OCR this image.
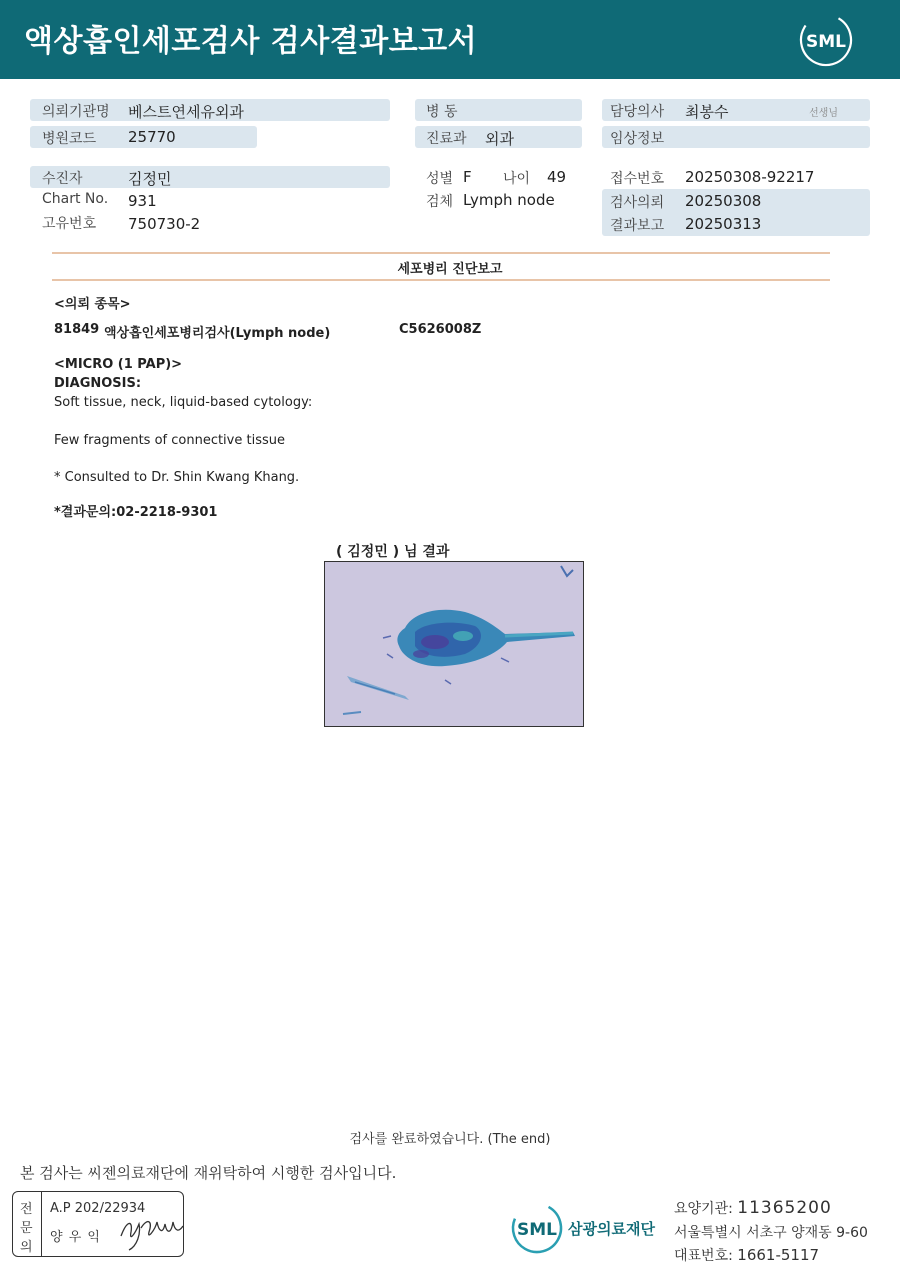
액상흡인세포검사 검사결과보고서	SML
의뢰기관명 베스트연세유외과
병원코드 25770
수진자	김정민
Chart No. 931
고유번호 750730-2
병 동
진료과 외과
성별 F 나이 49
검체 Lymph node
담당의사 최봉수	선생님
임상정보
접수번호 20250308-92217
검사의뢰 20250308
결과보고 20250313
세포병리 진단보고
<의뢰 종목>
81849 액상흡인세포병리검사(Lymph node)	C5626008Z
<MICRO (1 PAP)>
DIAGNOSIS:
Soft tissue, neck, liquid-based cytology:
Few fragments of connective tissue
* Consulted to Dr. Shin Kwang Khang.
*결과문의:02-2218-9301
( 김정민 ) 님 결과
검사를 완료하였습니다. (The end)
본 검사는 씨젠의료재단에 재위탁하여 시행한 검사입니다.
전
문
의
A.P 202/22934
양 우 익	SML 삼광의료재단
요양기관: 11365200
서울특별시 서초구 양재동 9-60
대표번호: 1661-5117
